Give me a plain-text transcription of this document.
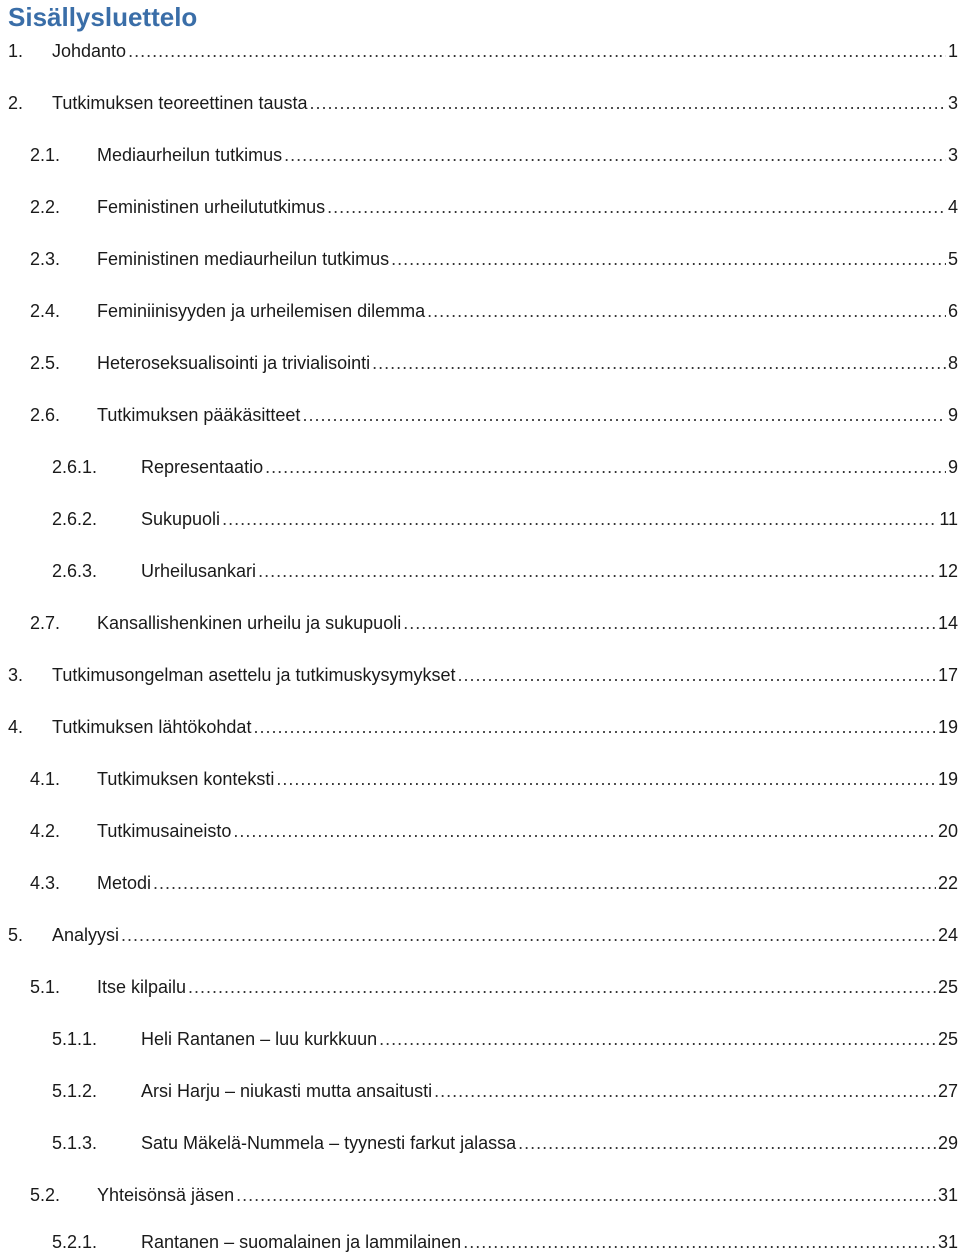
Sisällysluettelo
1. Johdanto .....	1
2. Tutkimuksen teoreettinen tausta .....	3
2.1. Mediaurheilun tutkimus .....	3
2.2. Feministinen urheilututkimus .....	4
2.3. Feministinen mediaurheilun tutkimus .....	5
2.4. Feminiinisyyden ja urheilemisen dilemma .....	6
2.5. Heteroseksualisointi ja trivialisointi .....	8
2.6. Tutkimuksen pääkäsitteet .....	9
2.6.1. Representaatio .....	9
2.6.2. Sukupuoli .....	11
2.6.3. Urheilusankari .....	12
2.7. Kansallishenkinen urheilu ja sukupuoli .....	14
3. Tutkimusongelman asettelu ja tutkimuskysymykset .....	17
4. Tutkimuksen lähtökohdat .....	19
4.1. Tutkimuksen konteksti .....	19
4.2. Tutkimusaineisto .....	20
4.3. Metodi .....	22
5. Analyysi .....	24
5.1. Itse kilpailu .....	25
5.1.1. Heli Rantanen – luu kurkkuun .....	25
5.1.2. Arsi Harju – niukasti mutta ansaitusti .....	27
5.1.3. Satu Mäkelä-Nummela – tyynesti farkut jalassa .....	29
5.2. Yhteisönsä jäsen .....	31
5.2.1. Rantanen – suomalainen ja lammilainen .....	31
